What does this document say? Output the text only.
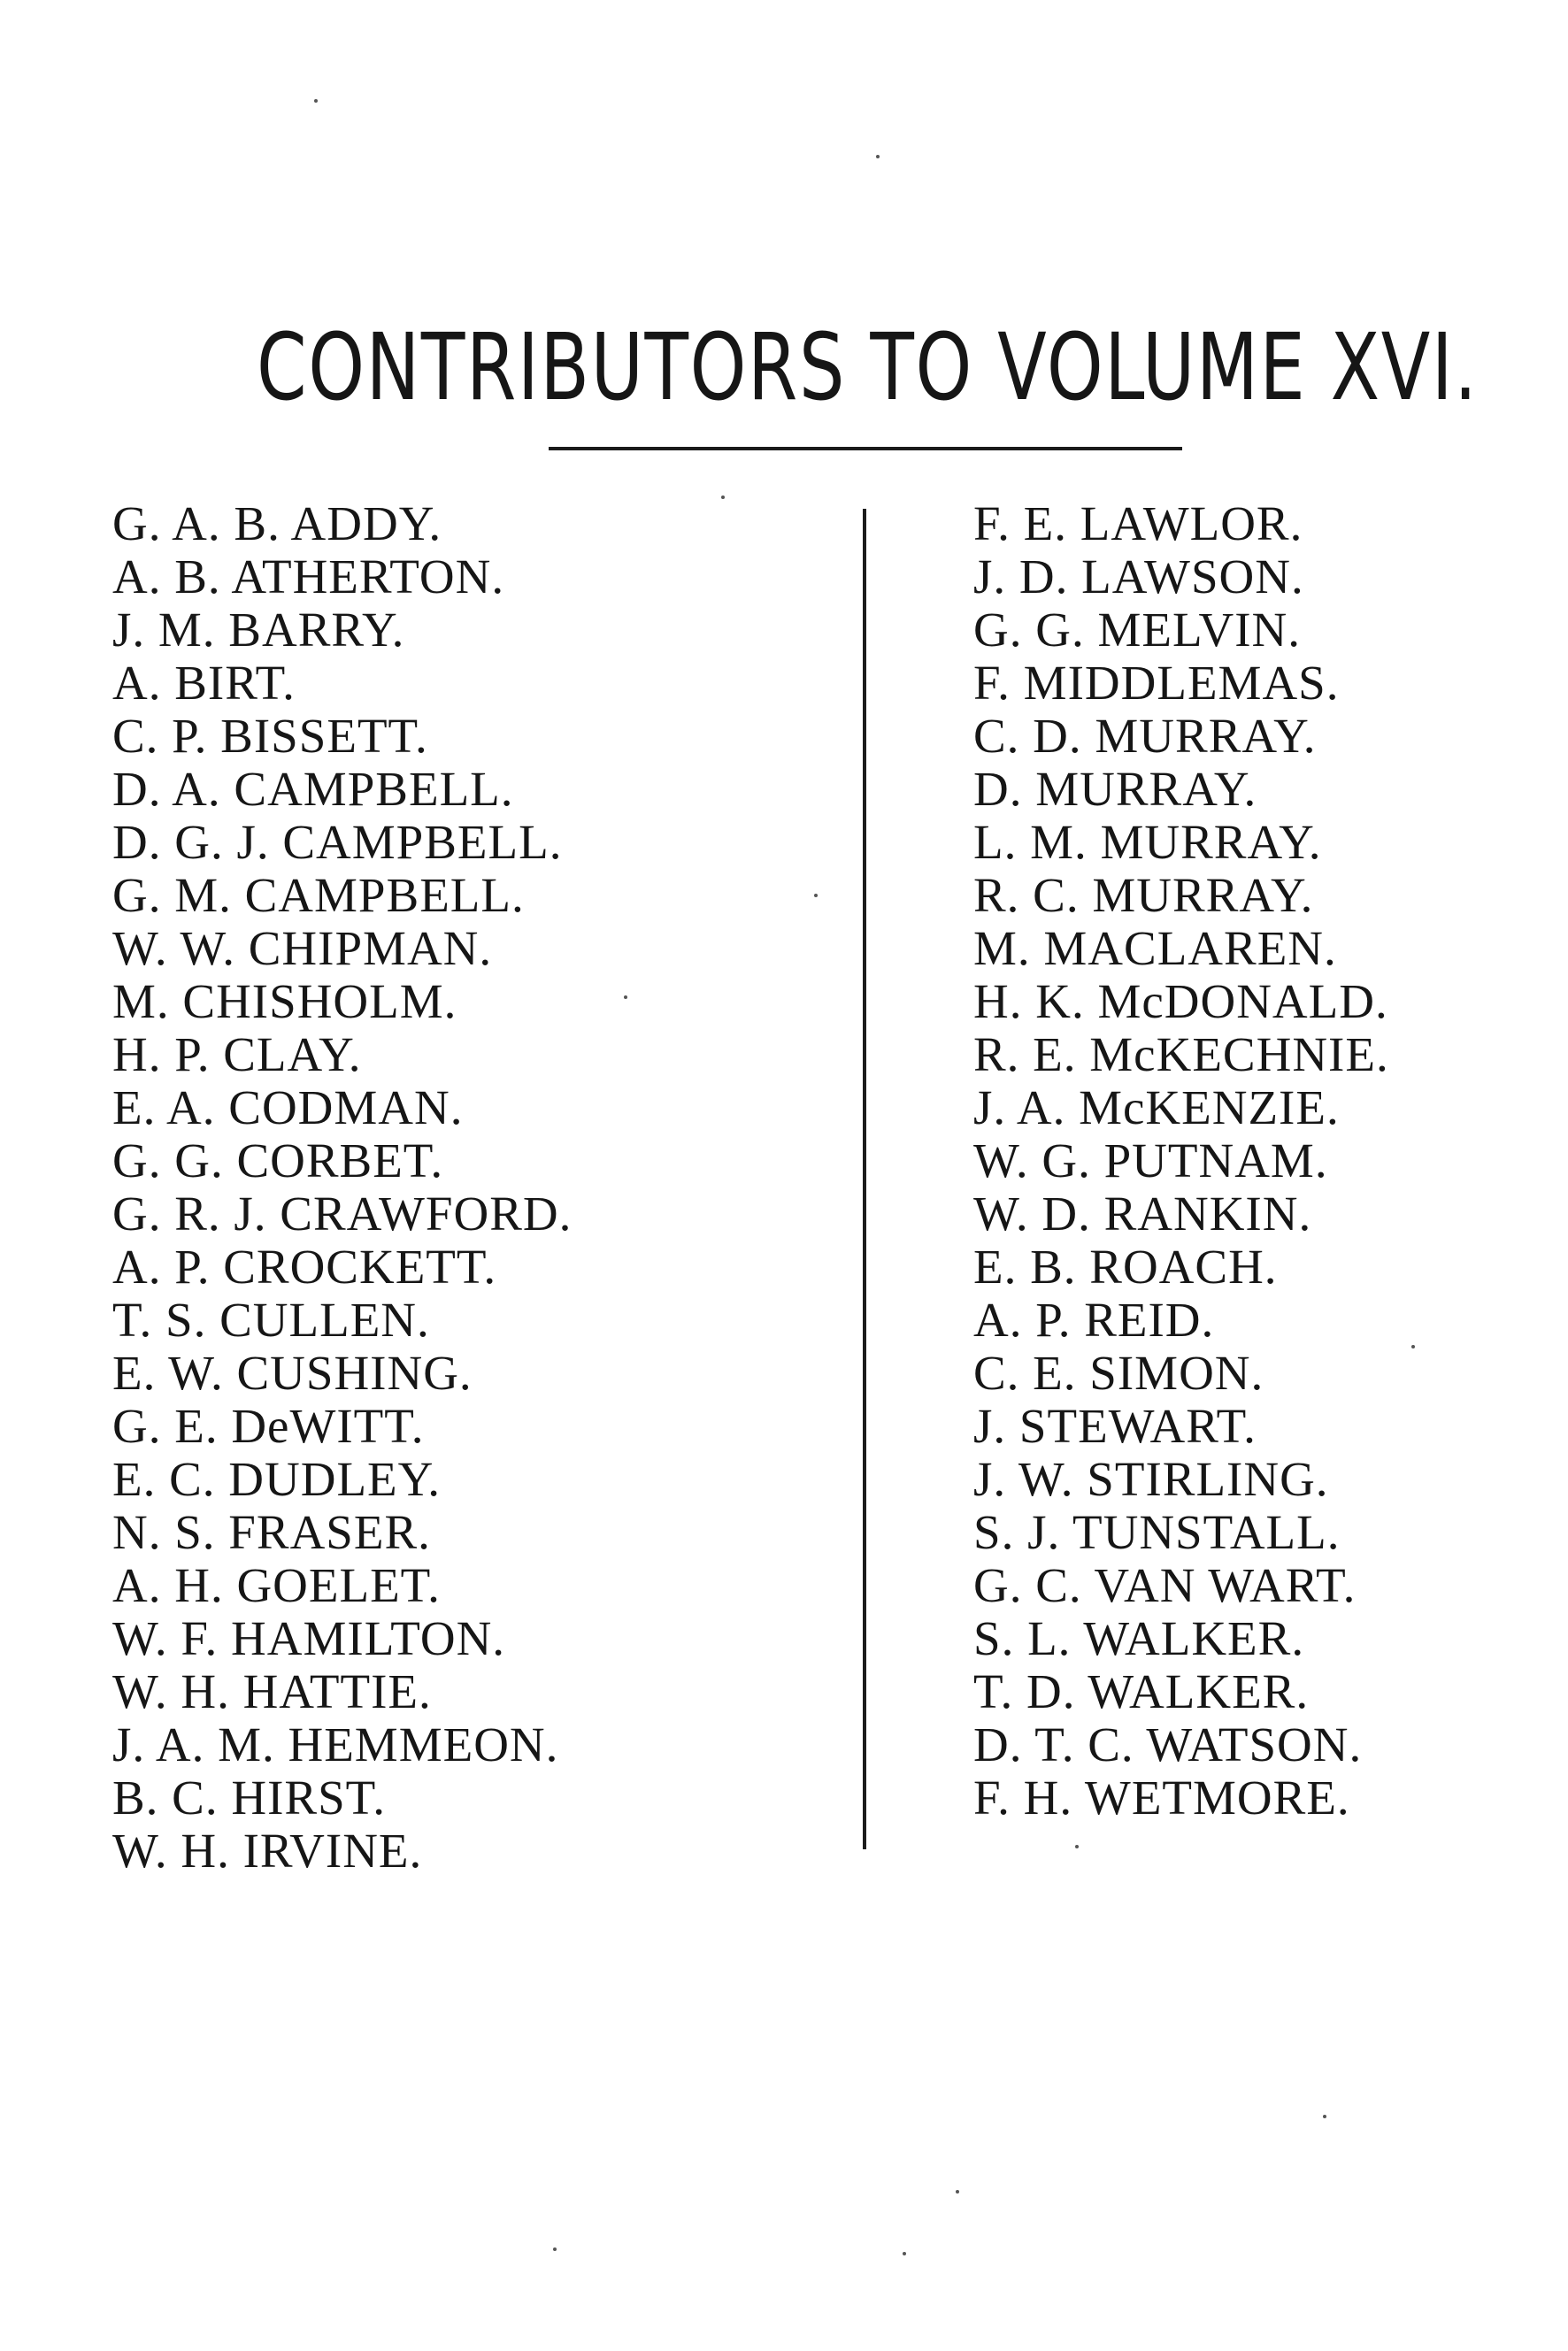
CONTRIBUTORS TO VOLUME XVI.
G. A. B. ADDY.
A. B. ATHERTON.
J. M. BARRY.
A. BIRT.
C. P. BISSETT.
D. A. CAMPBELL.
D. G. J. CAMPBELL.
G. M. CAMPBELL.
W. W. CHIPMAN.
M. CHISHOLM.
H. P. CLAY.
E. A. CODMAN.
G. G. CORBET.
G. R. J. CRAWFORD.
A. P. CROCKETT.
T. S. CULLEN.
E. W. CUSHING.
G. E. DeWITT.
E. C. DUDLEY.
N. S. FRASER.
A. H. GOELET.
W. F. HAMILTON.
W. H. HATTIE.
J. A. M. HEMMEON.
B. C. HIRST.
W. H. IRVINE.
F. E. LAWLOR.
J. D. LAWSON.
G. G. MELVIN.
F. MIDDLEMAS.
C. D. MURRAY.
D. MURRAY.
L. M. MURRAY.
R. C. MURRAY.
M. MACLAREN.
H. K. McDONALD.
R. E. McKECHNIE.
J. A. McKENZIE.
W. G. PUTNAM.
W. D. RANKIN.
E. B. ROACH.
A. P. REID.
C. E. SIMON.
J. STEWART.
J. W. STIRLING.
S. J. TUNSTALL.
G. C. VAN WART.
S. L. WALKER.
T. D. WALKER.
D. T. C. WATSON.
F. H. WETMORE.
